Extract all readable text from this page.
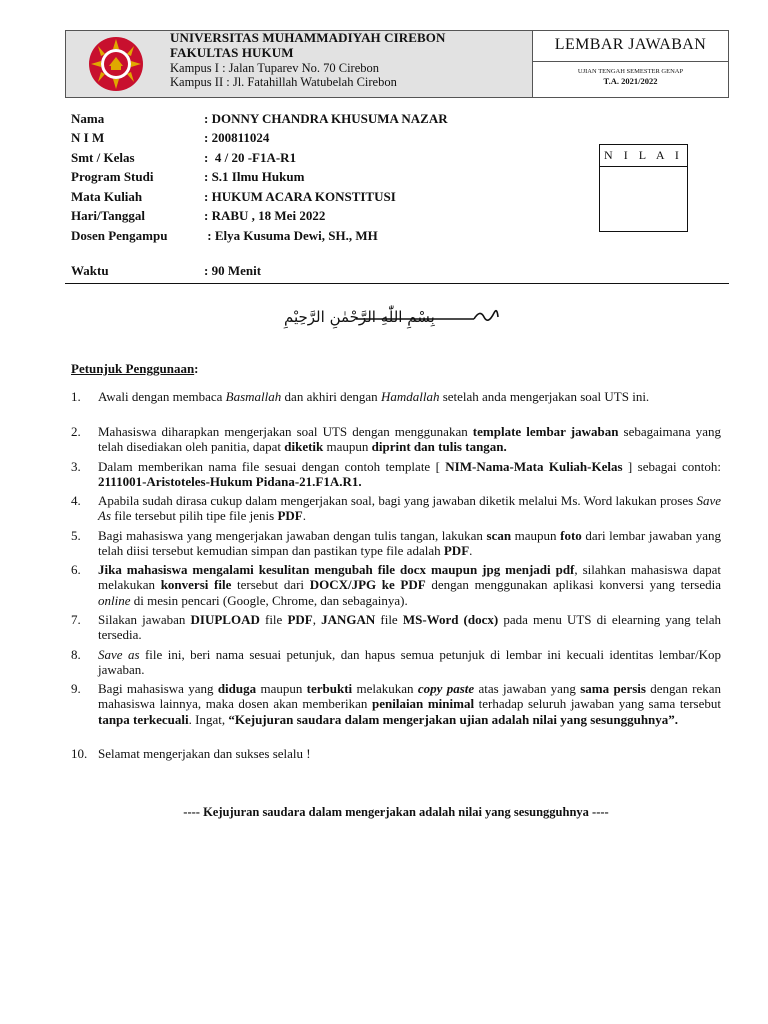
UNIVERSITAS MUHAMMADIYAH CIREBON
FAKULTAS HUKUM
Kampus I : Jalan Tuparev No. 70 Cirebon
Kampus II : Jl. Fatahillah Watubelah Cirebon
LEMBAR JAWABAN
UJIAN TENGAH SEMESTER GENAP
T.A. 2021/2022
Nama	: DONNY CHANDRA KHUSUMA NAZAR
N I M	: 200811024
Smt / Kelas	:  4 / 20 -F1A-R1
Program Studi	: S.1 Ilmu Hukum
Mata Kuliah	: HUKUM ACARA KONSTITUSI
Hari/Tanggal	: RABU , 18 Mei 2022
Dosen Pengampu	: Elya Kusuma Dewi, SH., MH
Waktu	: 90 Menit
N I L A I
بِسْمِ اللّٰهِ الرَّحْمٰنِ الرَّحِيْمِ
Petunjuk Penggunaan:
1.	Awali dengan membaca Basmallah dan akhiri dengan Hamdallah setelah anda mengerjakan soal UTS ini.
2.	Mahasiswa diharapkan mengerjakan soal UTS dengan menggunakan template lembar jawaban sebagaimana yang telah disediakan oleh panitia, dapat diketik maupun diprint dan tulis tangan.
3.	Dalam memberikan nama file sesuai dengan contoh template [ NIM-Nama-Mata Kuliah-Kelas ] sebagai contoh: 2111001-Aristoteles-Hukum Pidana-21.F1A.R1.
4.	Apabila sudah dirasa cukup dalam mengerjakan soal, bagi yang jawaban diketik melalui Ms. Word lakukan proses Save As file tersebut pilih tipe file jenis PDF.
5.	Bagi mahasiswa yang mengerjakan jawaban dengan tulis tangan, lakukan scan maupun foto dari lembar jawaban yang telah diisi tersebut kemudian simpan dan pastikan type file adalah PDF.
6.	Jika mahasiswa mengalami kesulitan mengubah file docx maupun jpg menjadi pdf, silahkan mahasiswa dapat melakukan konversi file tersebut dari DOCX/JPG ke PDF dengan menggunakan aplikasi konversi yang tersedia online di mesin pencari (Google, Chrome, dan sebagainya).
7.	Silakan jawaban DIUPLOAD file PDF, JANGAN file MS-Word (docx) pada menu UTS di elearning yang telah tersedia.
8.	Save as file ini, beri nama sesuai petunjuk, dan hapus semua petunjuk di lembar ini kecuali identitas lembar/Kop jawaban.
9.	Bagi mahasiswa yang diduga maupun terbukti melakukan copy paste atas jawaban yang sama persis dengan rekan mahasiswa lainnya, maka dosen akan memberikan penilaian minimal terhadap seluruh jawaban yang sama tersebut tanpa terkecuali. Ingat, “Kejujuran saudara dalam mengerjakan ujian adalah nilai yang sesungguhnya”.
10. Selamat mengerjakan dan sukses selalu !
---- Kejujuran saudara dalam mengerjakan adalah nilai yang sesungguhnya ----
